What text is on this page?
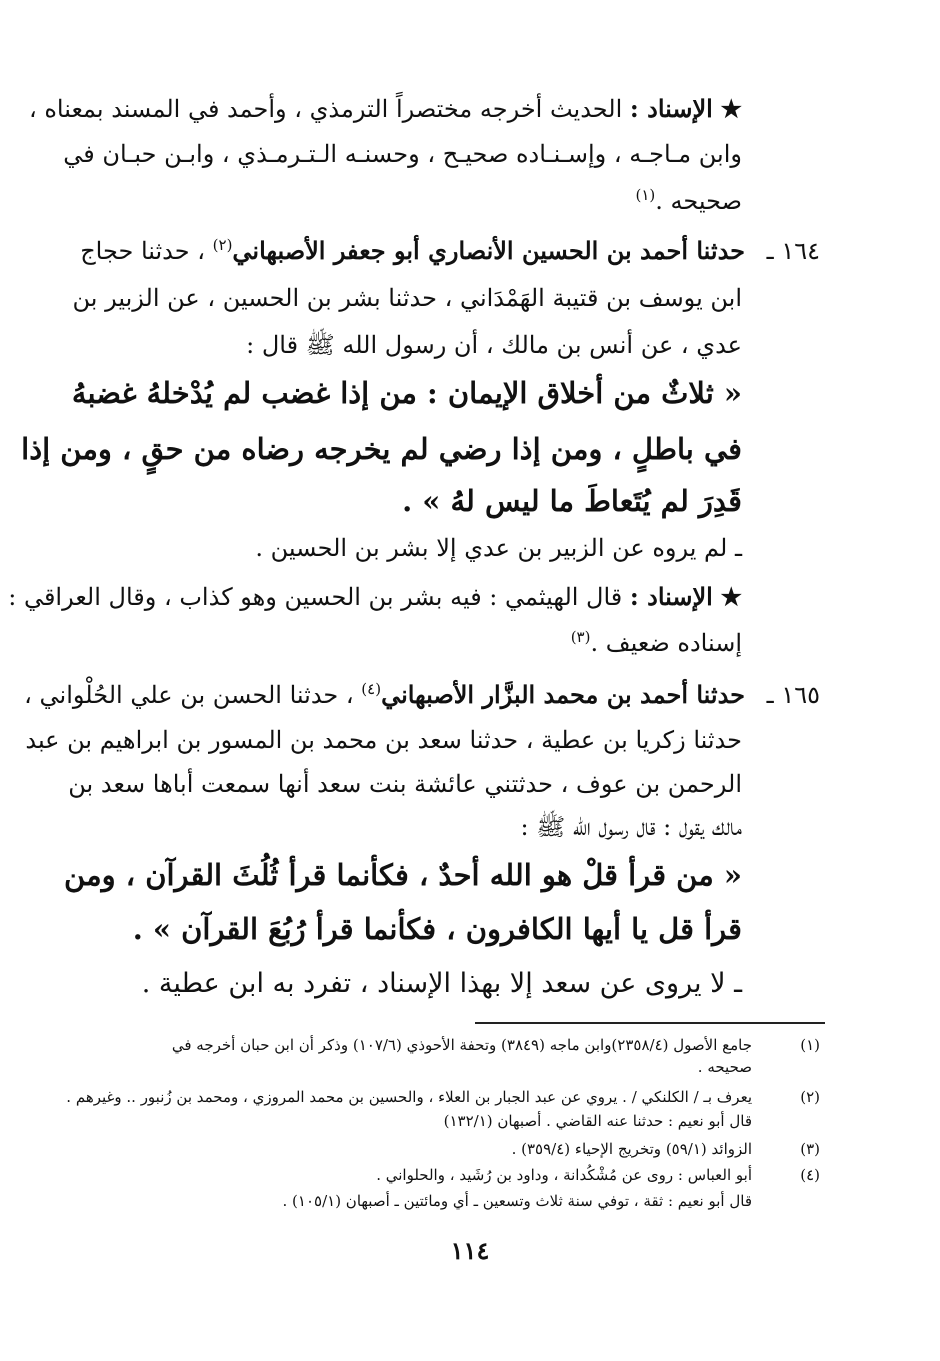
★ الإسناد : الحديث أخرجه مختصراً الترمذي ، وأحمد في المسند بمعناه ،
وابن مـاجـه ، وإسـنـاده صحيـح ، وحسنـه الـتـرمـذي ، وابـن حبـان في
صحيحه .$^{(١)}$
١٦٤ ـ حدثنا أحمد بن الحسين الأنصاري أبو جعفر الأصبهاني$^{(٢)}$ ، حدثنا حجاج
ابن يوسف بن قتيبة الهَمْدَاني ، حدثنا بشر بن الحسين ، عن الزبير بن
عدي ، عن أنس بن مالك ، أن رسول الله ﷺ قال :
« ثلاثٌ من أخلاق الإيمان : من إذا غضب لم يُدْخلهُ غضبهُ
في باطلٍ ، ومن إذا رضي لم يخرجه رضاه من حقٍ ، ومن إذا
قَدِرَ لم يُتَعاطَ ما ليس لهُ » .
ـ لم يروه عن الزبير بن عدي إلا بشر بن الحسين .
★ الإسناد : قال الهيثمي : فيه بشر بن الحسين وهو كذاب ، وقال العراقي :
إسناده ضعيف .$^{(٣)}$
١٦٥ ـ حدثنا أحمد بن محمد البزَّار الأصبهاني$^{(٤)}$ ، حدثنا الحسن بن علي الحُلْواني ،
حدثنا زكريا بن عطية ، حدثنا سعد بن محمد بن المسور بن ابراهيم بن عبد
الرحمن بن عوف ، حدثتني عائشة بنت سعد أنها سمعت أباها سعد بن
مالك يقول : قال رسول الله ﷺ :
« من قرأ قلْ هو الله أحدٌ ، فكأنما قرأ ثُلُثَ القرآن ، ومن
قرأ قل يا أيها الكافرون ، فكأنما قرأ رُبُعَ القرآن » .
ـ لا يروى عن سعد إلا بهذا الإسناد ، تفرد به ابن عطية .
(١)
جامع الأصول (٢٣٥٨/٤)وابن ماجه (٣٨٤٩) وتحفة الأحوذي (١٠٧/٦) وذكر أن ابن حبان أخرجه في
صحيحه .
(٢)
يعرف بـ / الكلنكي / . يروي عن عبد الجبار بن العلاء ، والحسين بن محمد المروزي ، ومحمد بن زُنبور .. وغيرهم .
قال أبو نعيم : حدثنا عنه القاضي . أصبهان (١٣٢/١)
(٣)
الزوائد (٥٩/١) وتخريج الإحياء (٣٥٩/٤) .
(٤)
أبو العباس : روى عن مُشْكُدانة ، وداود بن رُشَيد ، والحلواني .
قال أبو نعيم : ثقة ، توفي سنة ثلاث وتسعين ـ أي ومائتين ـ أصبهان (١٠٥/١) .
١١٤
